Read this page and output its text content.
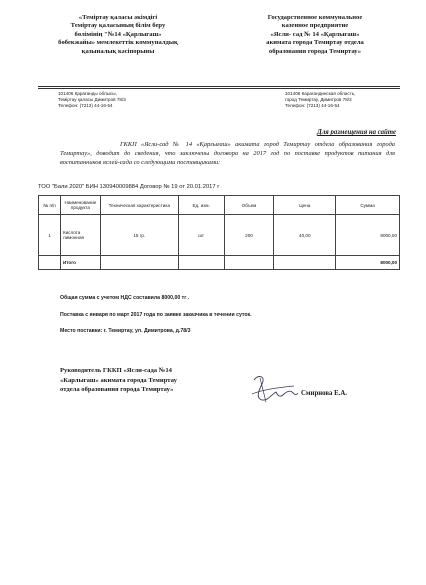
«Теміртау қаласы әкімдігі
Теміртау қаласының білім беру
бөлімінің "№14 «Қарлығаш»
бөбекжайы» мемлекеттік коммуналдық
қазыналық кәсіпорыны
Государственное коммунальное
казенное предприятие
«Ясли- сад № 14 «Қарлығаш»
акимата города Темиртау отдела
образования города Темиртау»
101406 Қарағанды облысы,
Теміртау қаласы Димитров 78/3
Телефон: (7213) 44-16-54
101406 Карагандинская область,
город Темиртау, Димитров 78/3
Телефон: (7213) 44-16-54
Для размещения на сайте
ГККП «Ясли-сад № 14 «Қарлығаш» акимата город Темиртау отдела образования города Темиртау», доводит до сведения, что заключены договора на 2017 год по поставке продуктов питания для воспитанников яслей-сада со следующими поставщиками:
ТОО "Бали 2020" БИН 130940009884 Договор № 19 от 20.01.2017 г
№ п/п	Наименование продукта	Техническая характеристика	Ед. изм.	Объем	Цена	Сумма
1	Кислота лимонная	15 гр.	шт	200	40,00	8000,00
	Итого					8000,00
Общая сумма с учетом НДС составила 8000,00 тг .
Поставка с января по март 2017 года по заявке заказчика в течении суток.
Место поставки: г. Темиртау, ул. Димитрова, д.78/3
Руководитель ГККП «Ясли-сада №14
«Карлыгаш» акимата города Темиртау
отдела образования города Темиртау»
Смирнова Е.А.
